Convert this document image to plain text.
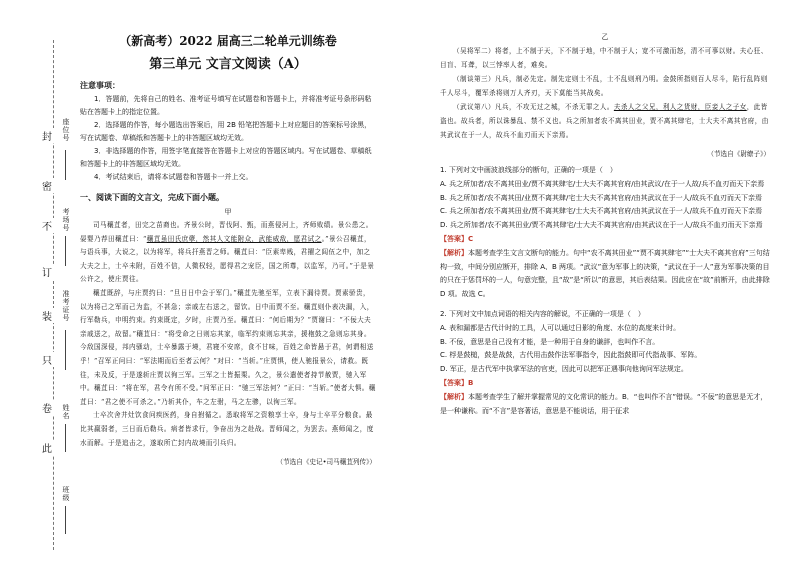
封
密
不
订
装
只
卷
此
座位号
考场号
准考证号
姓名
班级
（新高考）2022 届高三二轮单元训练卷
第三单元 文言文阅读（A）
注意事项：

1．答题前，先将自己的姓名、准考证号填写在试题卷和答题卡上，并将准考证号条形码粘贴在答题卡上的指定位置。

2．选择题的作答，每小题选出答案后，用 2B 铅笔把答题卡上对应题目的答案标号涂黑，写在试题卷、草稿纸和答题卡上的非答题区域均无效。

3．非选择题的作答，用签字笔直接答在答题卡上对应的答题区域内。写在试题卷、草稿纸和答题卡上的非答题区域均无效。

4．考试结束后，请将本试题卷和答题卡一并上交。

一、阅读下面的文言文，完成下面小题。
甲

司马穰苴者，田完之苗裔也。齐景公时，晋伐阿、甄，而燕侵河上，齐师败绩。景公患之。晏婴乃荐田穰苴曰：“穰苴虽田氏庶孽，然其人文能附众，武能威敌，愿君试之。”景公召穰苴，与语兵事，大说之，以为将军，将兵扞燕晋之师。穰苴曰：“臣素卑贱，君擢之闾伍之中，加之大夫之上，士卒未附，百姓不信，人微权轻，愿得君之宠臣，国之所尊，以监军，乃可。”于是景公许之，使庄贾往。

穰苴既辞，与庄贾约曰：“旦日日中会于军门。”穰苴先驰至军，立表下漏待贾。贾素骄贵，以为将己之军而己为监，不甚急；亲戚左右送之，留饮。日中而贾不至。穰苴则仆表决漏，入，行军勒兵，申明约束。约束既定，夕时，庄贾乃至。穰苴曰：“何后期为？”贾谢曰：“不佞大夫亲戚送之，故留。”穰苴曰：“将受命之日则忘其家，临军约束则忘其亲，援枹鼓之急则忘其身。今敌国深侵，邦内骚动，士卒暴露于境，君寝不安席，食不甘味，百姓之命皆悬于君，何谓相送乎！”召军正问曰：“军法期而后至者云何？”对曰：“当斩。”庄贾惧，使人驰报景公，请救。既往，未及反，于是遂斩庄贾以徇三军。三军之士皆振栗。久之，景公遣使者持节赦贾，驰入军中。穰苴曰：“将在军，君令有所不受。”问军正曰：“驰三军法何？”正曰：“当斩。”使者大惧。穰苴曰：“君之使不可杀之。”乃斩其仆，车之左驸，马之左骖，以徇三军。

士卒次舍井灶饮食问疾医药，身自拊循之。悉取将军之资粮享士卒，身与士卒平分粮食。最比其羸弱者，三日而后勒兵。病者皆求行，争奋出为之赴战。晋师闻之，为罢去。燕师闻之，度水而解。于是追击之，遂取所亡封内故境而引兵归。

（节选自《史记•司马穰苴列传》）
乙

（吴将军二）将者，上不制于天，下不制于地，中不制于人；宽不可激而怒，清不可事以财。夫心狂、目盲、耳聋，以三悖率人者，难矣。

（制谈第三）凡兵，制必先定。制先定则士不乱，士不乱则刑乃明。金鼓所指则百人尽斗，陷行乱阵则千人尽斗，覆军杀将则万人齐刃，天下莫能当其战矣。

（武议第八）凡兵，不攻无过之城，不杀无罪之人。夫杀人之父兄，利人之货财，臣妾人之子女，此皆盗也。故兵者，所以诛暴乱、禁不义也。兵之所加者农不离其田业，贾不离其肆宅，士大夫不离其官府，由其武议在于一人，故兵不血刃而天下亲焉。

（节选自《尉缭子》）

1. 下列对文中画波浪线部分的断句，正确的一项是（　）

A. 兵之所加者/农不离其田业/贾不离其肆宅/士大夫不离其官府/由其武议/在于一人故/兵不血刃而天下亲焉

B. 兵之所加者/农不离其田/业贾不离其肆/宅士大夫不离其官府/由其武议在于一人/故兵不血刃而天下亲焉

C. 兵之所加者/农不离其田业/贾不离其肆宅/士大夫不离其官府/由其武议在于一人/故兵不血刃而天下亲焉

D. 兵之所加者/农不离其田业/贾不离其肆宅/士大夫不离其官府/由其武议在于一人/故兵不血刃而天下亲焉

【答案】C

【解析】本题考查学生文言文断句的能力。句中“农不离其田业”“贾不离其肆宅”“士大夫不离其官府”三句结构一致，中间分别应断开，排除 A、B 两项。“武议”意为军事上的决策，“武议在于一人”意为军事决策的目的只在于惩罚坏的一人，句意完整，且“故”是“所以”的意思，其后表结果。因此应在“故”前断开，由此排除 D 项。故选 C。

2. 下列对文中加点词语的相关内容的解说，不正确的一项是（　）

A. 表和漏都是古代计时的工具，人可以通过日影的角度、水位的高度来计时。

B. 不佞，意思是自己没有才能，是一种用于自身的谦辞，也叫作不言。

C. 桴是鼓槌，鼓是战鼓，古代用击鼓作法军事指令，因此指鼓即可代指战事、军阵。

D. 军正，是古代军中执掌军法的官吏，因此可以把军正遇事向他询问军法规定。

【答案】B

【解析】本题考查学生了解并掌握常见的文化常识的能力。B．“也叫作不言”错误。“不佞”的意思是无才，是一种谦称。而“不言”是容著话，意思是不能说话，用于征求
